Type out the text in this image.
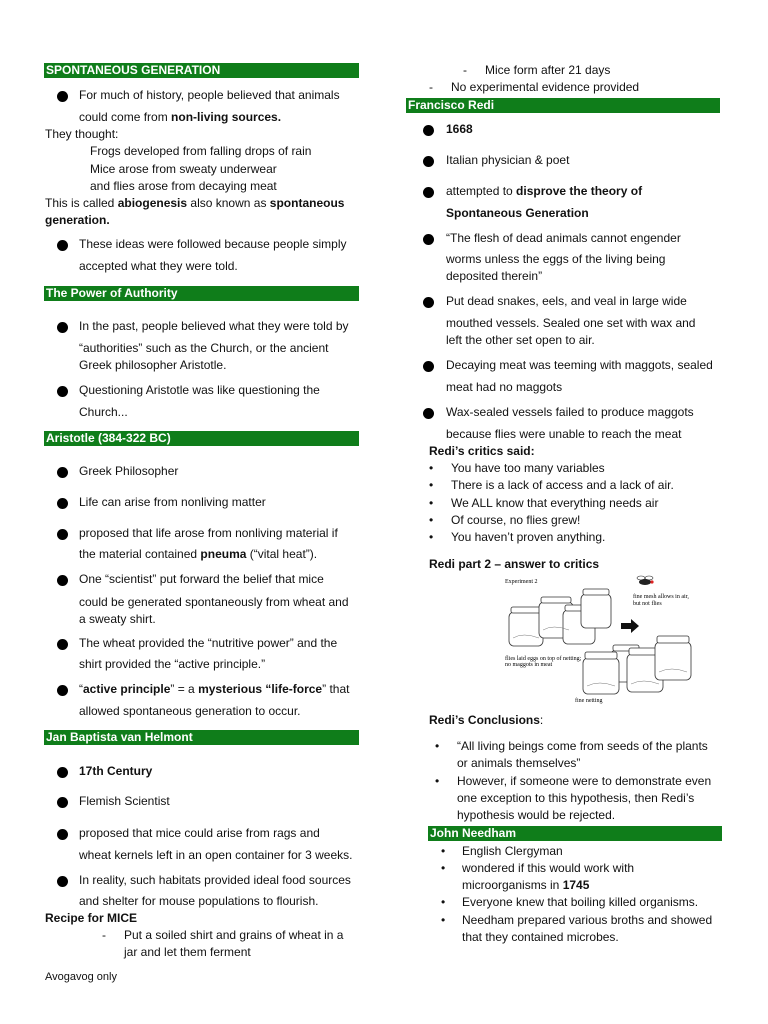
SPONTANEOUS GENERATION
For much of history, people believed that animals
could come from non-living sources.
They thought:
Frogs developed from falling drops of rain
Mice arose from sweaty underwear
and flies arose from decaying meat
This is called abiogenesis also known as spontaneous
generation.
These ideas were followed because people simply
accepted what they were told.
The Power of Authority
In the past, people believed what they were told by
“authorities” such as the Church, or the ancient
Greek philosopher Aristotle.
Questioning Aristotle was like questioning the
Church...
Aristotle (384-322 BC)
Greek Philosopher
Life can arise from nonliving matter
proposed that life arose from nonliving material if
the material contained pneuma (“vital heat”).
One “scientist” put forward the belief that mice
could be generated spontaneously from wheat and
a sweaty shirt.
The wheat provided the “nutritive power” and the
shirt provided the “active principle.”
“active principle” = a mysterious “life-force” that
allowed spontaneous generation to occur.
Jan Baptista van Helmont
17th Century
Flemish Scientist
proposed that mice could arise from rags and
wheat kernels left in an open container for 3 weeks.
In reality, such habitats provided ideal food sources
and shelter for mouse populations to flourish.
Recipe for MICE
- Put a soiled shirt and grains of wheat in a
jar and let them ferment
Avogavog only
- Mice form after 21 days
- No experimental evidence provided
Francisco Redi
1668
Italian physician & poet
attempted to disprove the theory of
Spontaneous Generation
“The flesh of dead animals cannot engender
worms unless the eggs of the living being
deposited therein”
Put dead snakes, eels, and veal in large wide
mouthed vessels. Sealed one set with wax and
left the other set open to air.
Decaying meat was teeming with maggots, sealed
meat had no maggots
Wax-sealed vessels failed to produce maggots
because flies were unable to reach the meat
Redi’s critics said:
• You have too many variables
• There is a lack of access and a lack of air.
• We ALL know that everything needs air
• Of course, no flies grew!
• You haven’t proven anything.
Redi part 2 – answer to critics
Experiment 2
fine mesh allows in air,
but not flies
flies laid eggs on top of netting;
no maggots in meat
fine netting
Redi’s Conclusions:
• “All living beings come from seeds of the plants
or animals themselves”
• However, if someone were to demonstrate even
one exception to this hypothesis, then Redi’s
hypothesis would be rejected.
John Needham
• English Clergyman
• wondered if this would work with
microorganisms in 1745
• Everyone knew that boiling killed organisms.
• Needham prepared various broths and showed
that they contained microbes.
